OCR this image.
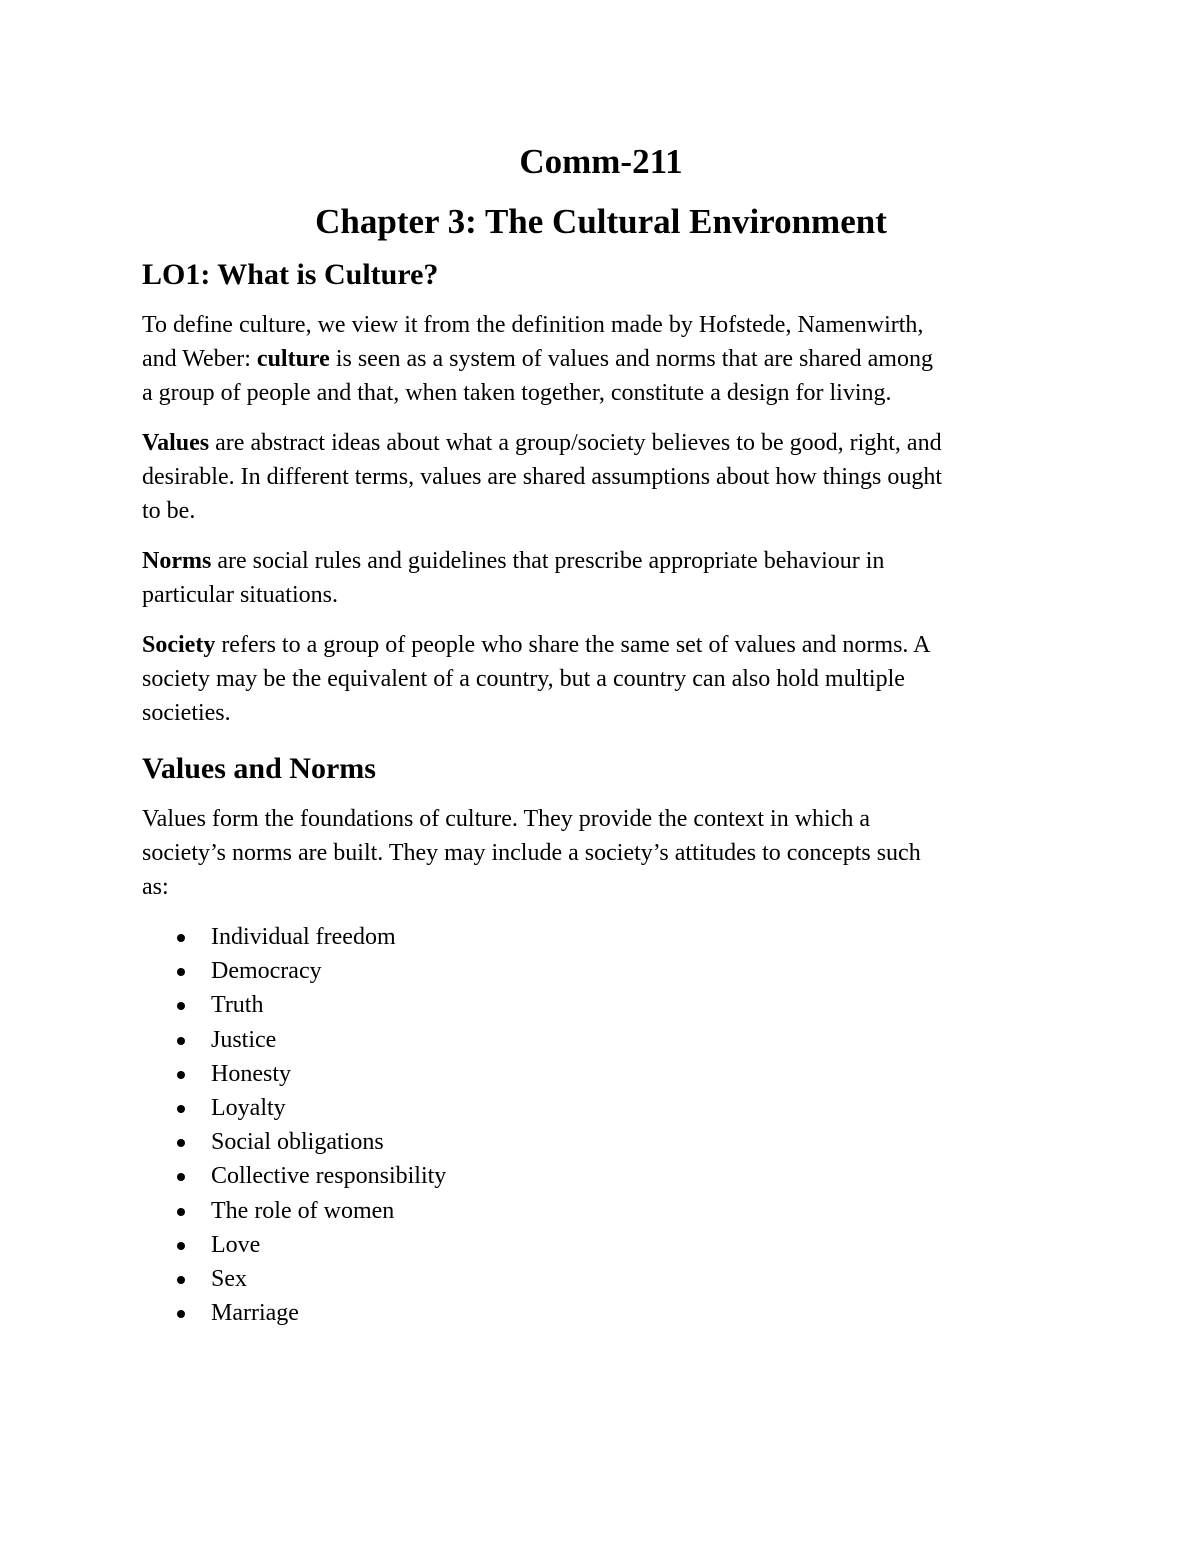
Comm-211
Chapter 3: The Cultural Environment
LO1: What is Culture?

To define culture, we view it from the definition made by Hofstede, Namenwirth,
and Weber: culture is seen as a system of values and norms that are shared among
a group of people and that, when taken together, constitute a design for living.

Values are abstract ideas about what a group/society believes to be good, right, and
desirable. In different terms, values are shared assumptions about how things ought
to be.

Norms are social rules and guidelines that prescribe appropriate behaviour in
particular situations.

Society refers to a group of people who share the same set of values and norms. A
society may be the equivalent of a country, but a country can also hold multiple
societies.

Values and Norms

Values form the foundations of culture. They provide the context in which a
society’s norms are built. They may include a society’s attitudes to concepts such
as:

Individual freedom
Democracy
Truth
Justice
Honesty
Loyalty
Social obligations
Collective responsibility
The role of women
Love
Sex
Marriage
